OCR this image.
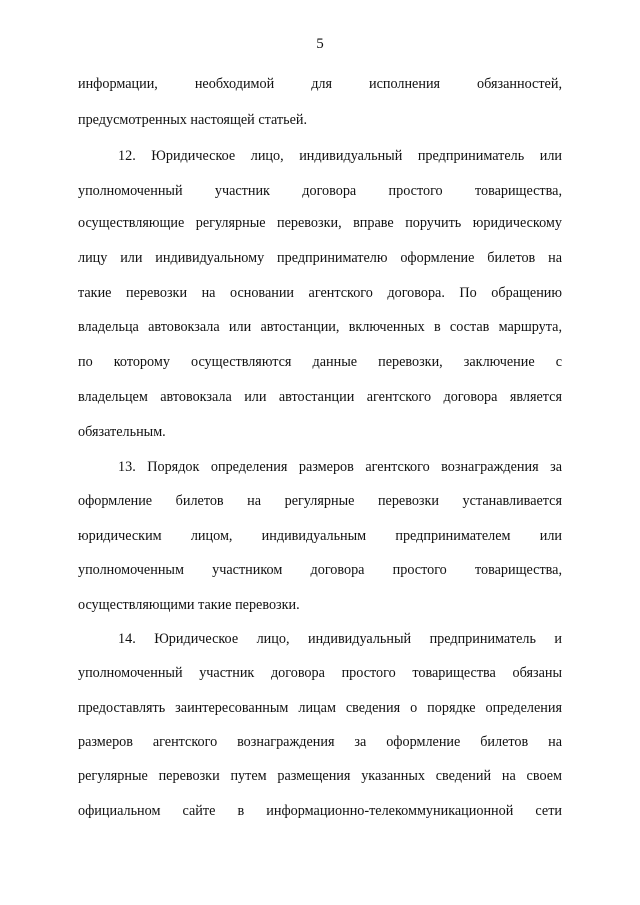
5
информации, необходимой для исполнения обязанностей,
предусмотренных настоящей статьей.
12. Юридическое лицо, индивидуальный предприниматель или
уполномоченный участник договора простого товарищества,
осуществляющие регулярные перевозки, вправе поручить юридическому
лицу или индивидуальному предпринимателю оформление билетов на
такие перевозки на основании агентского договора. По обращению
владельца автовокзала или автостанции, включенных в состав маршрута,
по которому осуществляются данные перевозки, заключение с
владельцем автовокзала или автостанции агентского договора является
обязательным.
13. Порядок определения размеров агентского вознаграждения за
оформление билетов на регулярные перевозки устанавливается
юридическим лицом, индивидуальным предпринимателем или
уполномоченным участником договора простого товарищества,
осуществляющими такие перевозки.
14. Юридическое лицо, индивидуальный предприниматель и
уполномоченный участник договора простого товарищества обязаны
предоставлять заинтересованным лицам сведения о порядке определения
размеров агентского вознаграждения за оформление билетов на
регулярные перевозки путем размещения указанных сведений на своем
официальном сайте в информационно-телекоммуникационной сети
